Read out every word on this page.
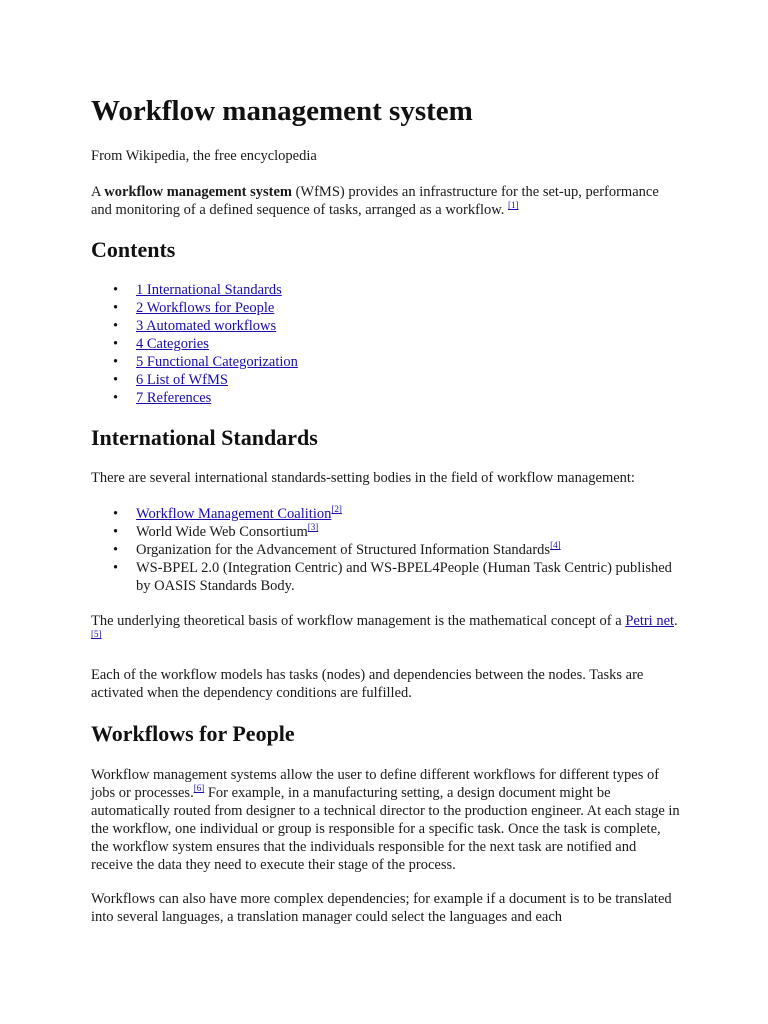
Workflow management system

From Wikipedia, the free encyclopedia

A workflow management system (WfMS) provides an infrastructure for the set-up, performance and monitoring of a defined sequence of tasks, arranged as a workflow. [1]

Contents
• 1 International Standards
• 2 Workflows for People
• 3 Automated workflows
• 4 Categories
• 5 Functional Categorization
• 6 List of WfMS
• 7 References
International Standards

There are several international standards-setting bodies in the field of workflow management:

• Workflow Management Coalition[2]
• World Wide Web Consortium[3]
• Organization for the Advancement of Structured Information Standards[4]
• WS-BPEL 2.0 (Integration Centric) and WS-BPEL4People (Human Task Centric) published by OASIS Standards Body.

The underlying theoretical basis of workflow management is the mathematical concept of a Petri net.[5]

Each of the workflow models has tasks (nodes) and dependencies between the nodes. Tasks are activated when the dependency conditions are fulfilled.

Workflows for People

Workflow management systems allow the user to define different workflows for different types of jobs or processes.[6] For example, in a manufacturing setting, a design document might be automatically routed from designer to a technical director to the production engineer. At each stage in the workflow, one individual or group is responsible for a specific task. Once the task is complete, the workflow system ensures that the individuals responsible for the next task are notified and receive the data they need to execute their stage of the process.

Workflows can also have more complex dependencies; for example if a document is to be translated into several languages, a translation manager could select the languages and each
